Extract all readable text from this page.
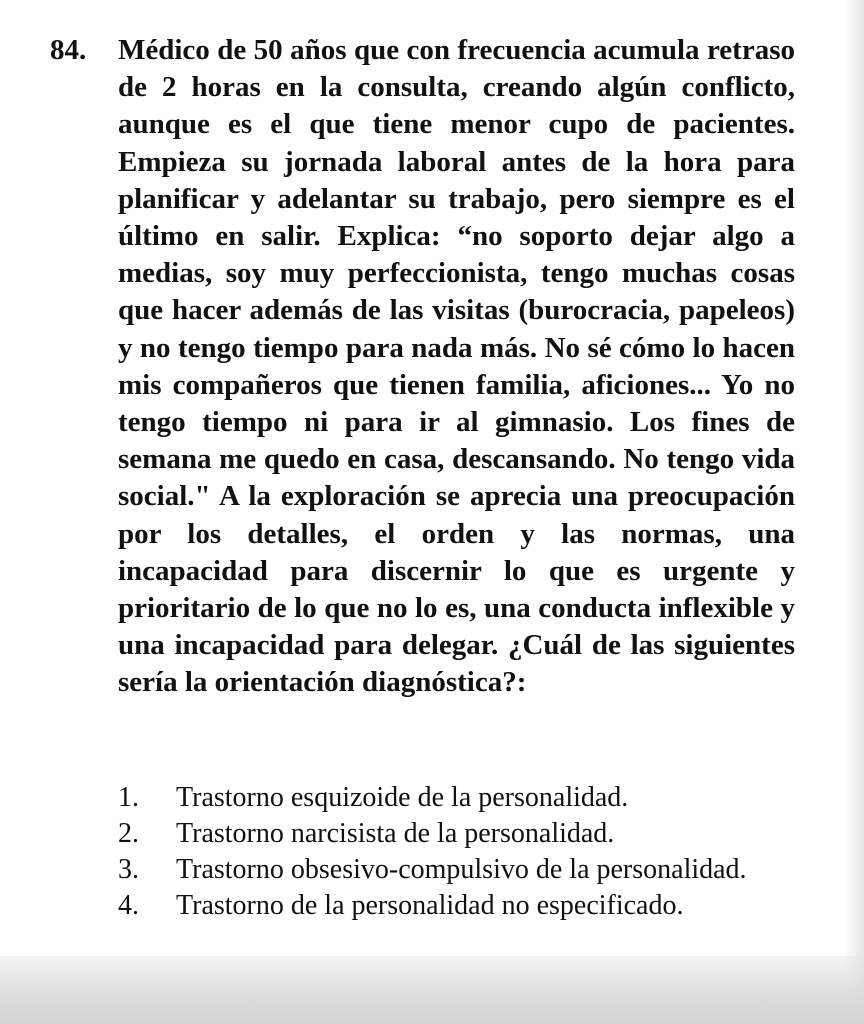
84. Médico de 50 años que con frecuencia acumula retraso de 2 horas en la consulta, creando algún conflicto, aunque es el que tiene menor cupo de pacientes. Empieza su jornada laboral antes de la hora para planificar y adelantar su trabajo, pero siempre es el último en salir. Explica: “no soporto dejar algo a medias, soy muy perfeccionista, tengo muchas cosas que hacer además de las visitas (burocracia, papeleos) y no tengo tiempo para nada más. No sé cómo lo hacen mis compañeros que tienen familia, aficiones... Yo no tengo tiempo ni para ir al gimnasio. Los fines de semana me quedo en casa, descansando. No tengo vida social." A la exploración se aprecia una preocupación por los detalles, el orden y las normas, una incapacidad para discernir lo que es urgente y prioritario de lo que no lo es, una conducta inflexible y una incapacidad para delegar. ¿Cuál de las siguientes sería la orientación diagnóstica?:
1. Trastorno esquizoide de la personalidad.
2. Trastorno narcisista de la personalidad.
3. Trastorno obsesivo-compulsivo de la personalidad.
4. Trastorno de la personalidad no especificado.
